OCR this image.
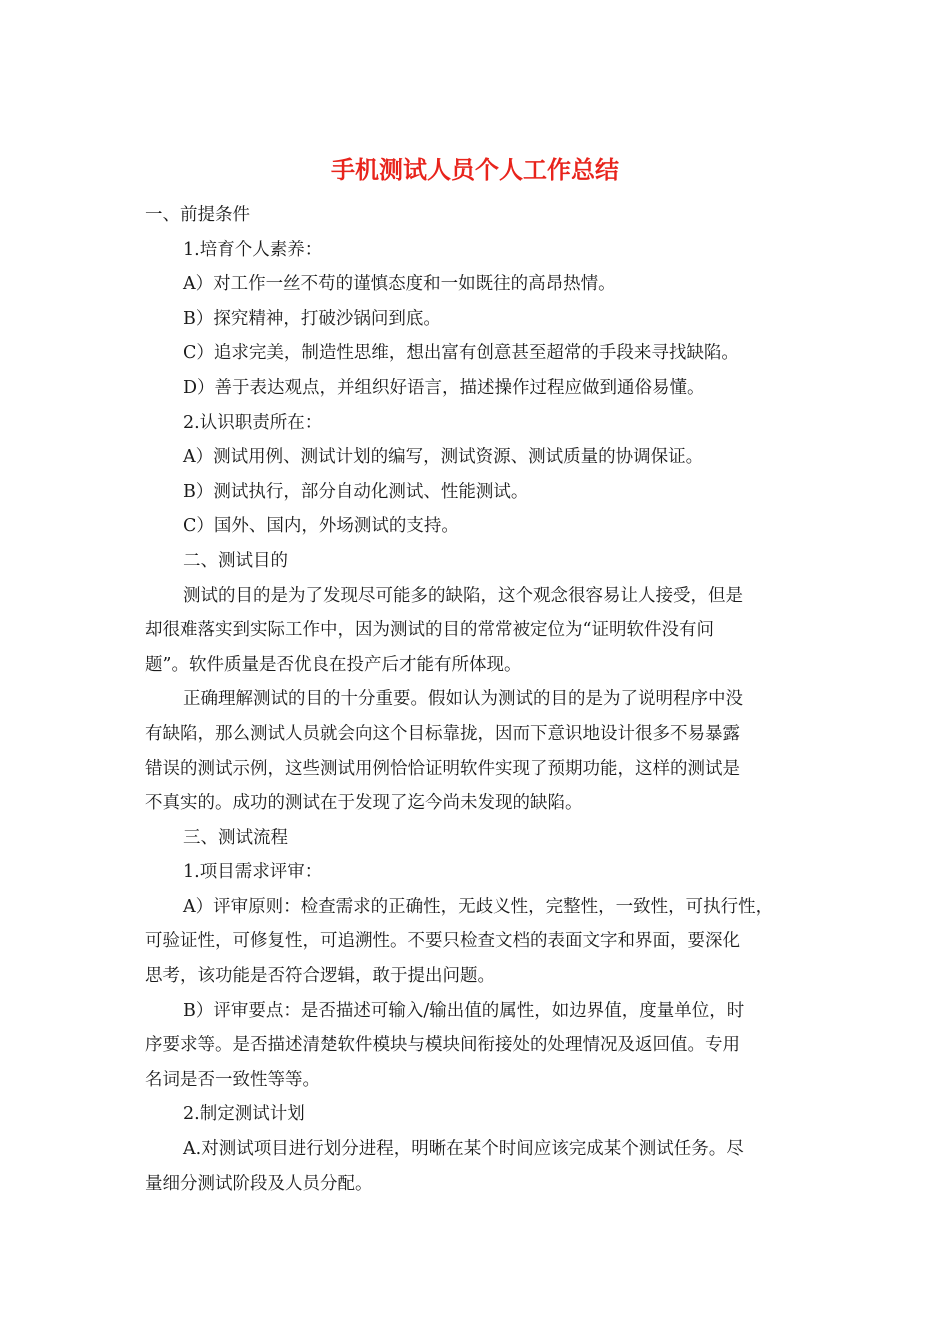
手机测试人员个人工作总结

一、前提条件

1.培育个人素养：

A）对工作一丝不苟的谨慎态度和一如既往的高昂热情。

B）探究精神，打破沙锅问到底。

C）追求完美，制造性思维，想出富有创意甚至超常的手段来寻找缺陷。

D）善于表达观点，并组织好语言，描述操作过程应做到通俗易懂。

2.认识职责所在：

A）测试用例、测试计划的编写，测试资源、测试质量的协调保证。

B）测试执行，部分自动化测试、性能测试。

C）国外、国内，外场测试的支持。

二、测试目的

测试的目的是为了发现尽可能多的缺陷，这个观念很容易让人接受，但是

却很难落实到实际工作中，因为测试的目的常常被定位为“证明软件没有问

题”。软件质量是否优良在投产后才能有所体现。

正确理解测试的目的十分重要。假如认为测试的目的是为了说明程序中没

有缺陷，那么测试人员就会向这个目标靠拢，因而下意识地设计很多不易暴露

错误的测试示例，这些测试用例恰恰证明软件实现了预期功能，这样的测试是

不真实的。成功的测试在于发现了迄今尚未发现的缺陷。

三、测试流程

1.项目需求评审：

A）评审原则：检查需求的正确性，无歧义性，完整性，一致性，可执行性，

可验证性，可修复性，可追溯性。不要只检查文档的表面文字和界面，要深化

思考，该功能是否符合逻辑，敢于提出问题。

B）评审要点：是否描述可输入/输出值的属性，如边界值，度量单位，时

序要求等。是否描述清楚软件模块与模块间衔接处的处理情况及返回值。专用

名词是否一致性等等。

2.制定测试计划

A.对测试项目进行划分进程，明晰在某个时间应该完成某个测试任务。尽

量细分测试阶段及人员分配。
